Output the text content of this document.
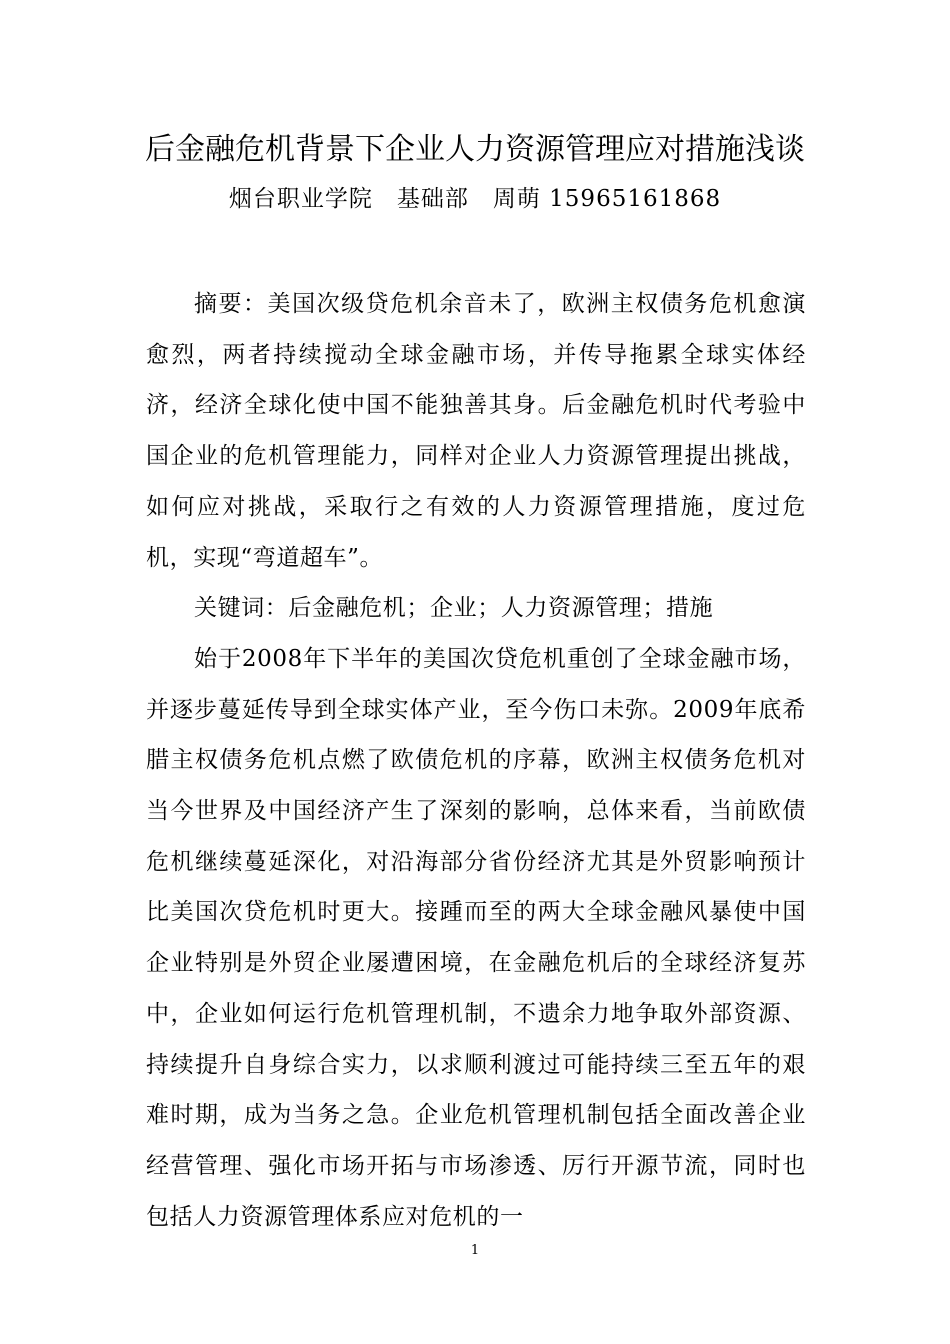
后金融危机背景下企业人力资源管理应对措施浅谈
烟台职业学院　基础部　周萌 15965161868

摘要：美国次级贷危机余音未了，欧洲主权债务危机愈演愈烈，两者持续搅动全球金融市场，并传导拖累全球实体经济，经济全球化使中国不能独善其身。后金融危机时代考验中国企业的危机管理能力，同样对企业人力资源管理提出挑战，如何应对挑战，采取行之有效的人力资源管理措施，度过危机，实现“弯道超车”。

关键词：后金融危机；企业；人力资源管理；措施

始于2008年下半年的美国次贷危机重创了全球金融市场，并逐步蔓延传导到全球实体产业，至今伤口未弥。2009年底希腊主权债务危机点燃了欧债危机的序幕，欧洲主权债务危机对当今世界及中国经济产生了深刻的影响，总体来看，当前欧债危机继续蔓延深化，对沿海部分省份经济尤其是外贸影响预计比美国次贷危机时更大。接踵而至的两大全球金融风暴使中国企业特别是外贸企业屡遭困境，在金融危机后的全球经济复苏中，企业如何运行危机管理机制，不遗余力地争取外部资源、持续提升自身综合实力，以求顺利渡过可能持续三至五年的艰难时期，成为当务之急。企业危机管理机制包括全面改善企业经营管理、强化市场开拓与市场渗透、厉行开源节流，同时也包括人力资源管理体系应对危机的一

1
